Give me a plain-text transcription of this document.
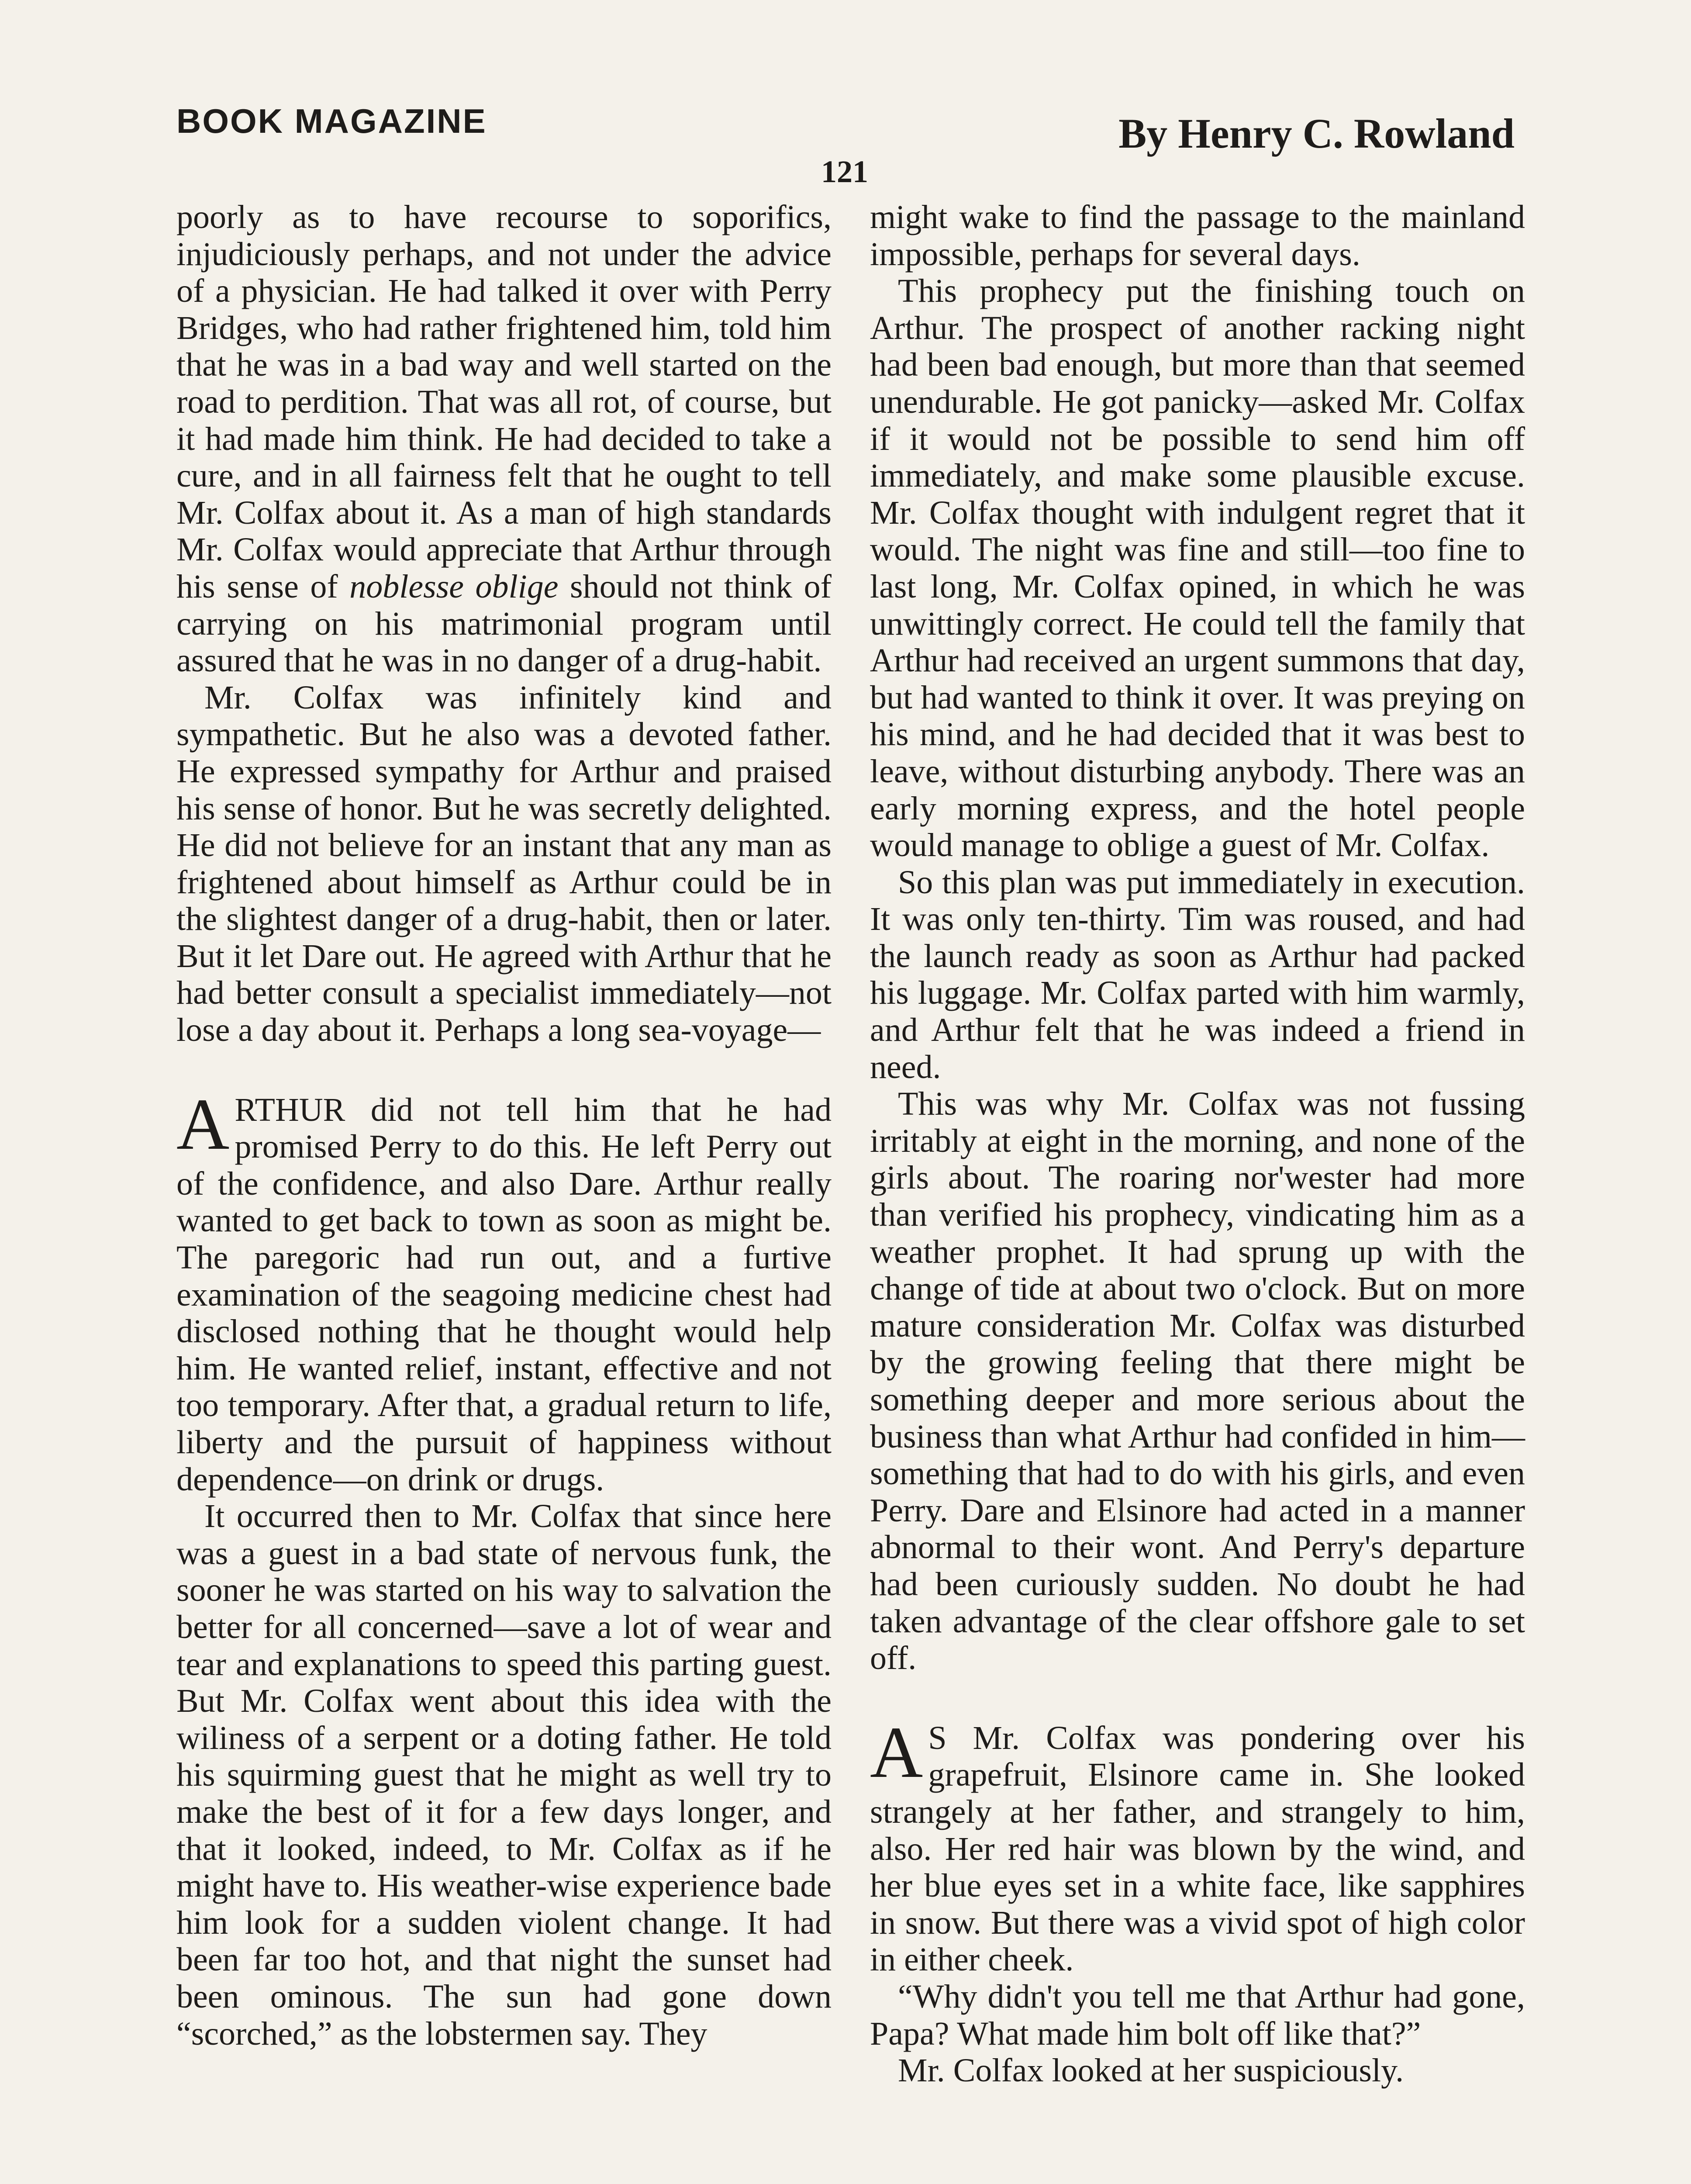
BOOK MAGAZINE	By Henry C. Rowland
121

poorly as to have recourse to soporifics, injudiciously perhaps, and not under the advice of a physician. He had talked it over with Perry Bridges, who had rather frightened him, told him that he was in a bad way and well started on the road to perdition. That was all rot, of course, but it had made him think. He had decided to take a cure, and in all fairness felt that he ought to tell Mr. Colfax about it. As a man of high standards Mr. Colfax would appreciate that Arthur through his sense of noblesse oblige should not think of carrying on his matrimonial program until assured that he was in no danger of a drug-habit.

Mr. Colfax was infinitely kind and sympathetic. But he also was a devoted father. He expressed sympathy for Arthur and praised his sense of honor. But he was secretly delighted. He did not believe for an instant that any man as frightened about himself as Arthur could be in the slightest danger of a drug-habit, then or later. But it let Dare out. He agreed with Arthur that he had better consult a specialist immediately—not lose a day about it. Perhaps a long sea-voyage—

ARTHUR did not tell him that he had promised Perry to do this. He left Perry out of the confidence, and also Dare. Arthur really wanted to get back to town as soon as might be. The paregoric had run out, and a furtive examination of the seagoing medicine chest had disclosed nothing that he thought would help him. He wanted relief, instant, effective and not too temporary. After that, a gradual return to life, liberty and the pursuit of happiness without dependence—on drink or drugs.

It occurred then to Mr. Colfax that since here was a guest in a bad state of nervous funk, the sooner he was started on his way to salvation the better for all concerned—save a lot of wear and tear and explanations to speed this parting guest. But Mr. Colfax went about this idea with the wiliness of a serpent or a doting father. He told his squirming guest that he might as well try to make the best of it for a few days longer, and that it looked, indeed, to Mr. Colfax as if he might have to. His weather-wise experience bade him look for a sudden violent change. It had been far too hot, and that night the sunset had been ominous. The sun had gone down “scorched,” as the lobstermen say. They

might wake to find the passage to the mainland impossible, perhaps for several days.

This prophecy put the finishing touch on Arthur. The prospect of another racking night had been bad enough, but more than that seemed unendurable. He got panicky—asked Mr. Colfax if it would not be possible to send him off immediately, and make some plausible excuse. Mr. Colfax thought with indulgent regret that it would. The night was fine and still—too fine to last long, Mr. Colfax opined, in which he was unwittingly correct. He could tell the family that Arthur had received an urgent summons that day, but had wanted to think it over. It was preying on his mind, and he had decided that it was best to leave, without disturbing anybody. There was an early morning express, and the hotel people would manage to oblige a guest of Mr. Colfax.

So this plan was put immediately in execution. It was only ten-thirty. Tim was roused, and had the launch ready as soon as Arthur had packed his luggage. Mr. Colfax parted with him warmly, and Arthur felt that he was indeed a friend in need.

This was why Mr. Colfax was not fussing irritably at eight in the morning, and none of the girls about. The roaring nor'wester had more than verified his prophecy, vindicating him as a weather prophet. It had sprung up with the change of tide at about two o'clock. But on more mature consideration Mr. Colfax was disturbed by the growing feeling that there might be something deeper and more serious about the business than what Arthur had confided in him—something that had to do with his girls, and even Perry. Dare and Elsinore had acted in a manner abnormal to their wont. And Perry's departure had been curiously sudden. No doubt he had taken advantage of the clear offshore gale to set off.

A S Mr. Colfax was pondering over his grapefruit, Elsinore came in. She looked strangely at her father, and strangely to him, also. Her red hair was blown by the wind, and her blue eyes set in a white face, like sapphires in snow. But there was a vivid spot of high color in either cheek.

“Why didn't you tell me that Arthur had gone, Papa? What made him bolt off like that?”

Mr. Colfax looked at her suspiciously.
